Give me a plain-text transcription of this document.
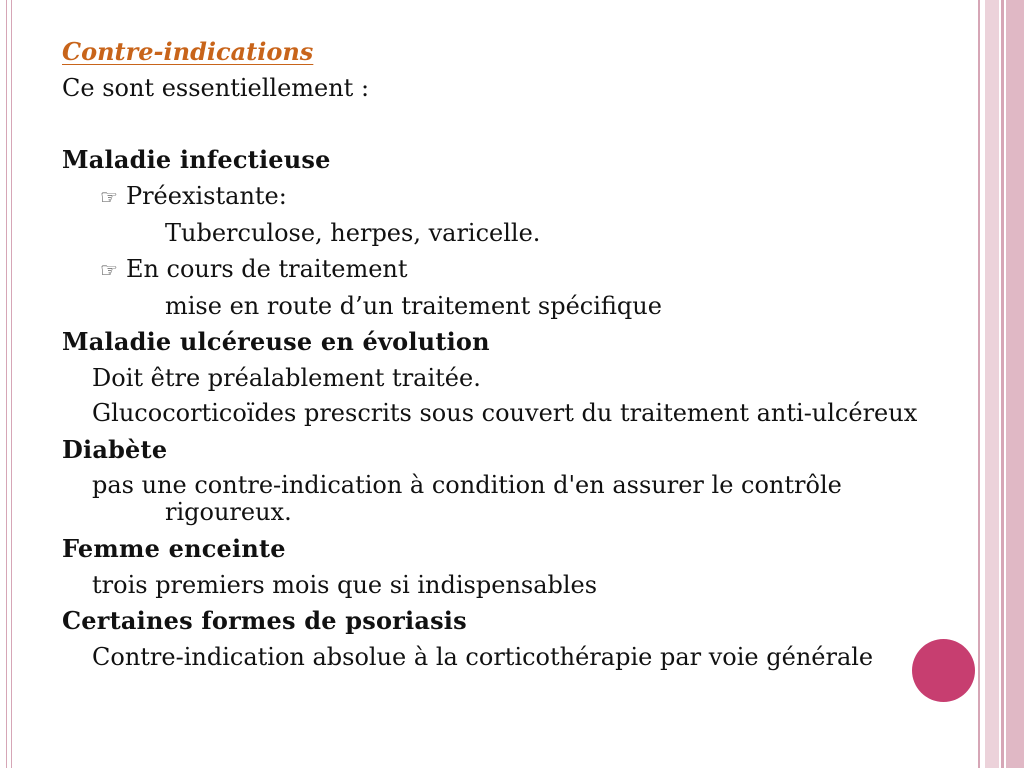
Contre-indications
Ce sont essentiellement :
Maladie infectieuse
☞ Préexistante:
Tuberculose, herpes, varicelle.
☞ En cours de traitement
mise en route d’un traitement spécifique
Maladie ulcéreuse en évolution
Doit être préalablement traitée.
Glucocorticoïdes prescrits sous couvert du traitement anti-ulcéreux
Diabète
pas une contre-indication à condition d'en assurer le contrôle rigoureux.
Femme enceinte
trois premiers mois que si indispensables
Certaines formes de psoriasis
Contre-indication absolue à la corticothérapie par voie générale
